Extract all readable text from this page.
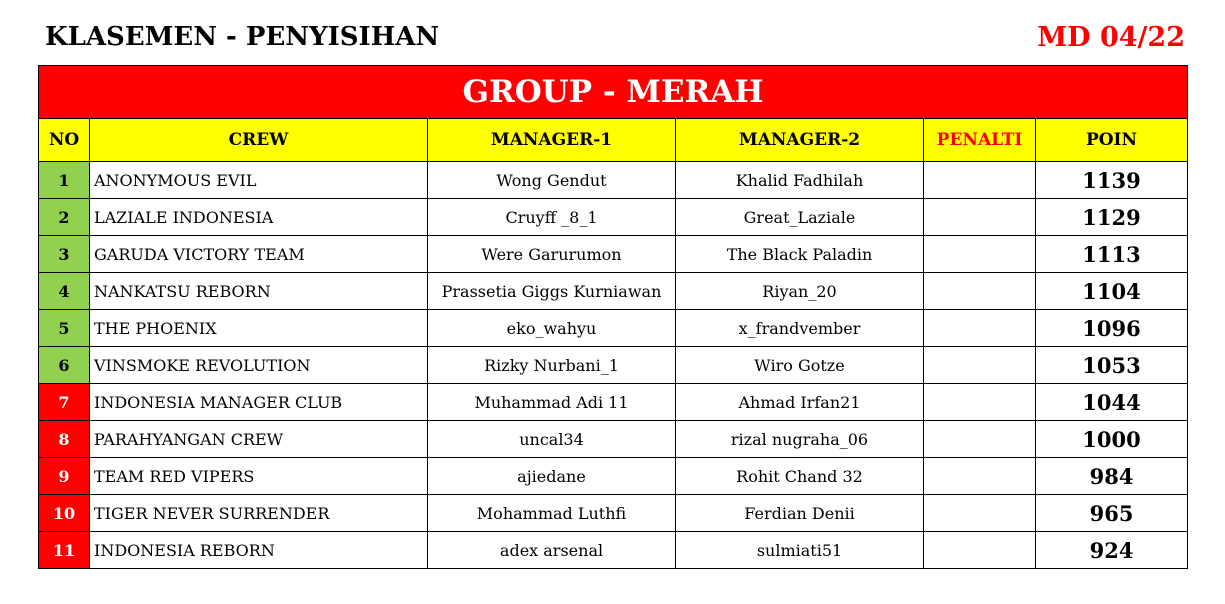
KLASEMEN - PENYISIHAN	MD 04/22
GROUP - MERAH					
NO	CREW	MANAGER-1	MANAGER-2	PENALTI	POIN
1	ANONYMOUS EVIL	Wong Gendut	Khalid Fadhilah		1139
2	LAZIALE INDONESIA	Cruyff _8_1	Great_Laziale		1129
3	GARUDA VICTORY TEAM	Were Garurumon	The Black Paladin		1113
4	NANKATSU REBORN	Prassetia Giggs Kurniawan	Riyan_20		1104
5	THE PHOENIX	eko_wahyu	x_frandvember		1096
6	VINSMOKE REVOLUTION	Rizky Nurbani_1	Wiro Gotze		1053
7	INDONESIA MANAGER CLUB	Muhammad Adi 11	Ahmad Irfan21		1044
8	PARAHYANGAN CREW	uncal34	rizal nugraha_06		1000
9	TEAM RED VIPERS	ajiedane	Rohit Chand 32		984
10	TIGER NEVER SURRENDER	Mohammad Luthfi	Ferdian Denii		965
11	INDONESIA REBORN	adex arsenal	sulmiati51		924
